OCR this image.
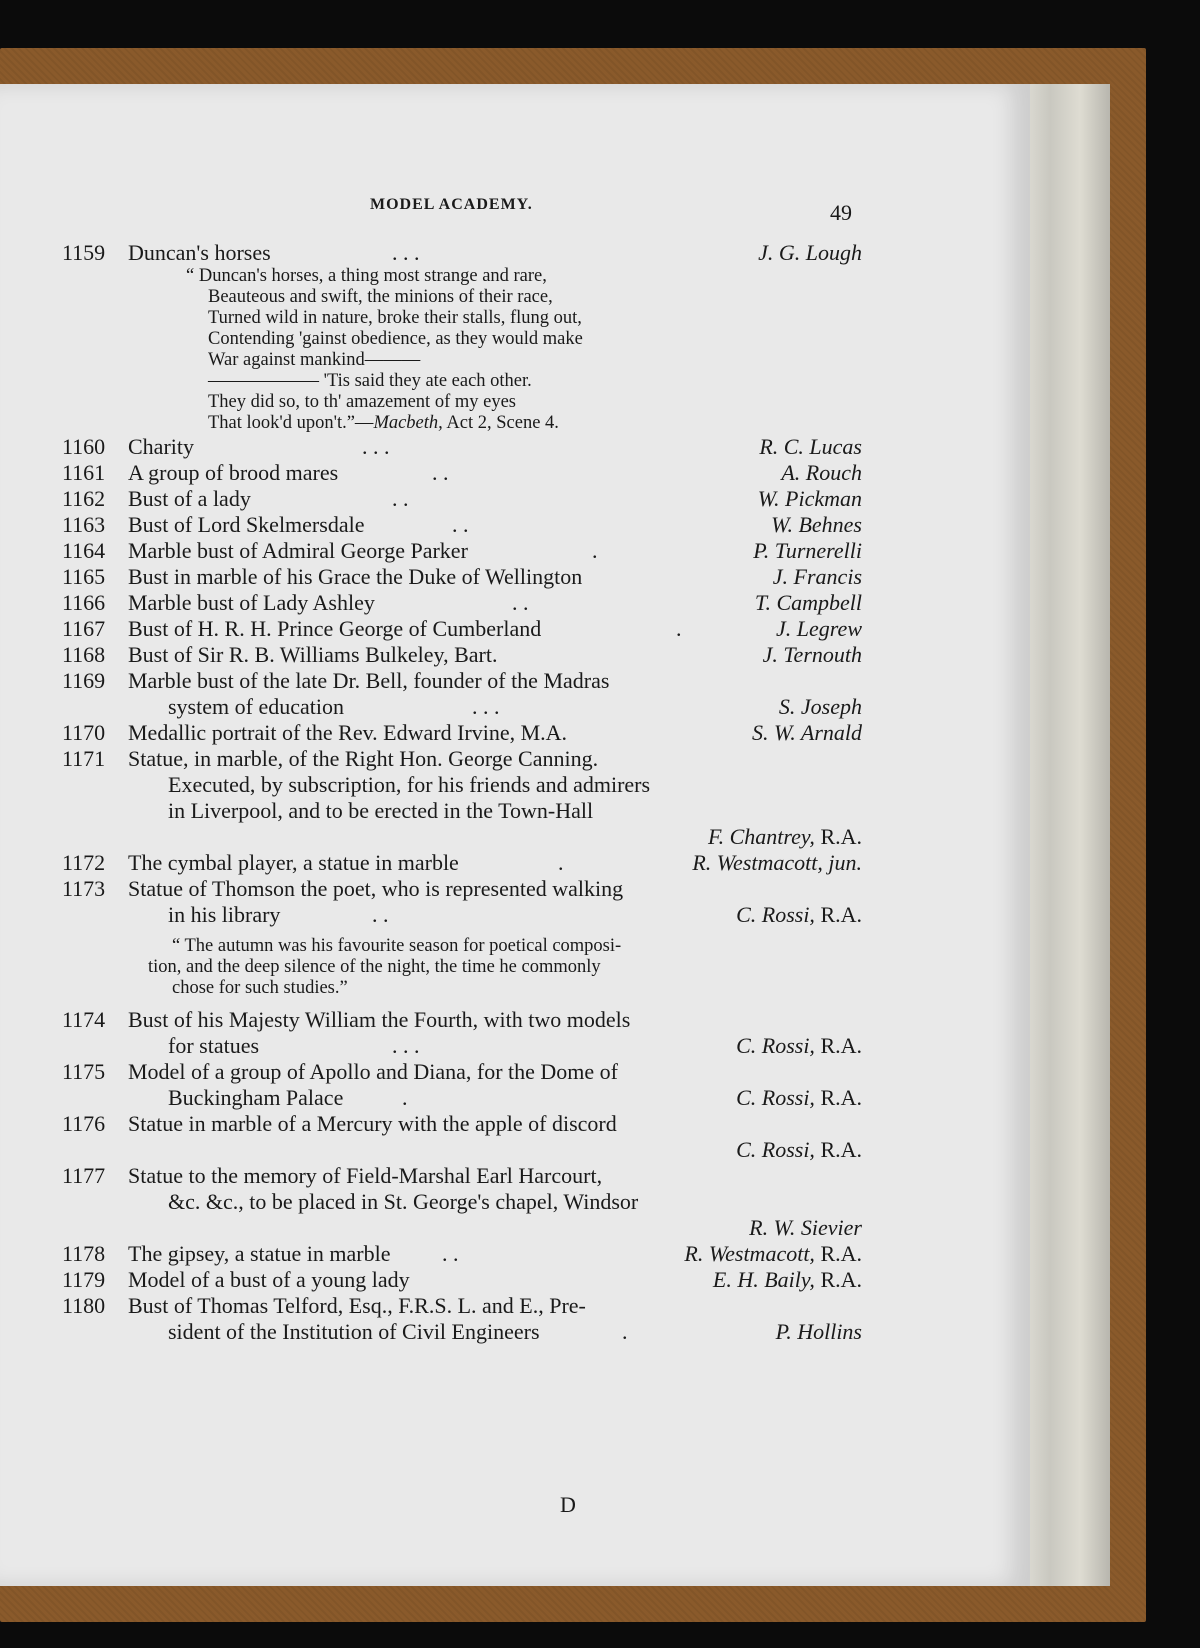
MODEL ACADEMY.	49
1159	Duncan's horses	. . .	J. G. Lough
“ Duncan's horses, a thing most strange and rare,
Beauteous and swift, the minions of their race,
Turned wild in nature, broke their stalls, flung out,
Contending 'gainst obedience, as they would make
War against mankind———
—————— 'Tis said they ate each other.
They did so, to th' amazement of my eyes
That look'd upon't.”—Macbeth, Act 2, Scene 4.
1160	Charity	. . .	R. C. Lucas
1161	A group of brood mares	. .	A. Rouch
1162	Bust of a lady	. .	W. Pickman
1163	Bust of Lord Skelmersdale	. .	W. Behnes
1164	Marble bust of Admiral George Parker	.	P. Turnerelli
1165	Bust in marble of his Grace the Duke of Wellington	J. Francis
1166	Marble bust of Lady Ashley	. .	T. Campbell
1167	Bust of H. R. H. Prince George of Cumberland	.	J. Legrew
1168	Bust of Sir R. B. Williams Bulkeley, Bart.	J. Ternouth
1169	Marble bust of the late Dr. Bell, founder of the Madras
system of education	. . .	S. Joseph
1170	Medallic portrait of the Rev. Edward Irvine, M.A.	S. W. Arnald
1171	Statue, in marble, of the Right Hon. George Canning.
Executed, by subscription, for his friends and admirers
in Liverpool, and to be erected in the Town-Hall
F. Chantrey, R.A.
1172	The cymbal player, a statue in marble	.	R. Westmacott, jun.
1173	Statue of Thomson the poet, who is represented walking
in his library	. .	C. Rossi, R.A.
“ The autumn was his favourite season for poetical composi-
tion, and the deep silence of the night, the time he commonly
chose for such studies.”
1174	Bust of his Majesty William the Fourth, with two models
for statues	. . .	C. Rossi, R.A.
1175	Model of a group of Apollo and Diana, for the Dome of
Buckingham Palace	.	C. Rossi, R.A.
1176	Statue in marble of a Mercury with the apple of discord
C. Rossi, R.A.
1177	Statue to the memory of Field-Marshal Earl Harcourt,
&c. &c., to be placed in St. George's chapel, Windsor
R. W. Sievier
1178	The gipsey, a statue in marble . .	R. Westmacott, R.A.
1179	Model of a bust of a young lady	E. H. Baily, R.A.
1180	Bust of Thomas Telford, Esq., F.R.S. L. and E., Pre-
sident of the Institution of Civil Engineers	.	P. Hollins
D
